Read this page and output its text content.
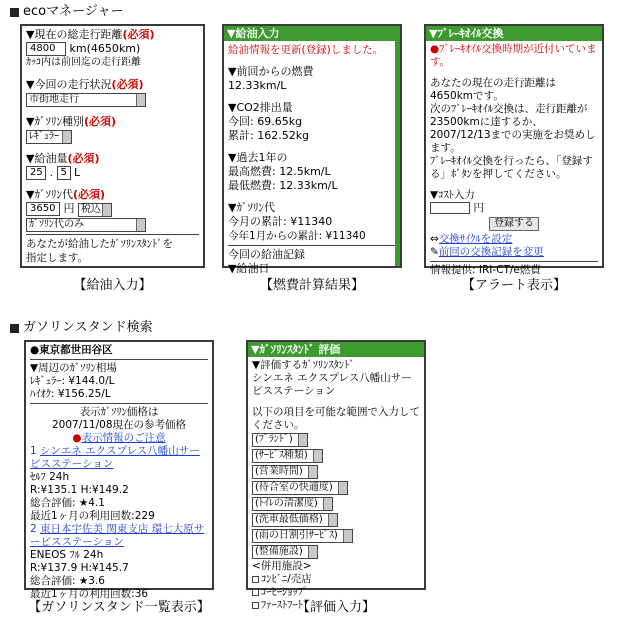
ecoマネージャー
ガソリンスタンド検索
▼現在の総走行距離(必須)
4800 km(4650km)
ｶｯｺ内は前回迄の走行距離
▼今回の走行状況(必須)
市街地走行
▼ｶﾞｿﾘﾝ種別(必須)
ﾚｷﾞｭﾗｰ
▼給油量(必須)
25 . 5 L
▼ｶﾞｿﾘﾝ代(必須)
3650 円 税込
ｶﾞｿﾘﾝ代のみ
あなたが給油したｶﾞｿﾘﾝｽﾀﾝﾄﾞを
指定します。
【給油入力】
▼給油入力
給油情報を更新(登録)しました。
▼前回からの燃費
12.33km/L
▼CO2排出量
今回: 69.65kg
累計: 162.52kg
▼過去1年の
最高燃費: 12.5km/L
最低燃費: 12.33km/L
▼ｶﾞｿﾘﾝ代
今月の累計: ¥11340
今年1月からの累計: ¥11340
今回の給油記録
▼給油日
【燃費計算結果】
▼ﾌﾞﾚｰｷｵｲﾙ交換
●ﾌﾞﾚｰｷｵｲﾙ交換時期が近付いています。
あなたの現在の走行距離は4650kmです。
次のﾌﾞﾚｰｷｵｲﾙ交換は、走行距離が23500kmに達するか、2007/12/13までの実施をお奨めします。
ﾌﾞﾚｰｷｵｲﾙ交換を行ったら、「登録する」ﾎﾞﾀﾝを押してください。
▼ｺｽﾄ入力
円
登録する
⇔交換ｻｲｸﾙを設定
✎前回の交換記録を変更
情報提供: IRI-CT/e燃費
【アラート表示】
●東京都世田谷区
▼周辺のｶﾞｿﾘﾝ相場
ﾚｷﾞｭﾗｰ: ¥144.0/L
ﾊｲｵｸ: ¥156.25/L
表示ｶﾞｿﾘﾝ価格は
2007/11/08現在の参考価格
●表示情報のご注意
1 シンエネ エクスプレス八幡山サービスステーション
ｾﾙﾌ 24h
R:¥135.1 H:¥149.2
総合評価: ★4.1
最近1ヶ月の利用回数:229
2 東日本宇佐美 関東支店 環七大原サービスステーション
ENEOS ﾌﾙ 24h
R:¥137.9 H:¥145.7
総合評価: ★3.6
最近1ヶ月の利用回数:36
【ガソリンスタンド一覧表示】
▼ｶﾞｿﾘﾝｽﾀﾝﾄﾞ 評価
▼評価するｶﾞｿﾘﾝｽﾀﾝﾄﾞ
シンエネ エクスプレス八幡山サービスステーション
以下の項目を可能な範囲で入力してください。
(ﾌﾞﾗﾝﾄﾞ)
(ｻｰﾋﾞｽ種類)
(営業時間)
(待合室の快適度)
(ﾄｲﾚの清潔度)
(洗車最低価格)
(雨の日割引ｻｰﾋﾞｽ)
(整備施設)
<併用施設>
ｺﾝﾋﾞﾆ/売店
ｺｰﾋｰｼｮｯﾌﾟ
ﾌｧｰｽﾄﾌｰﾄﾞ
【評価入力】
